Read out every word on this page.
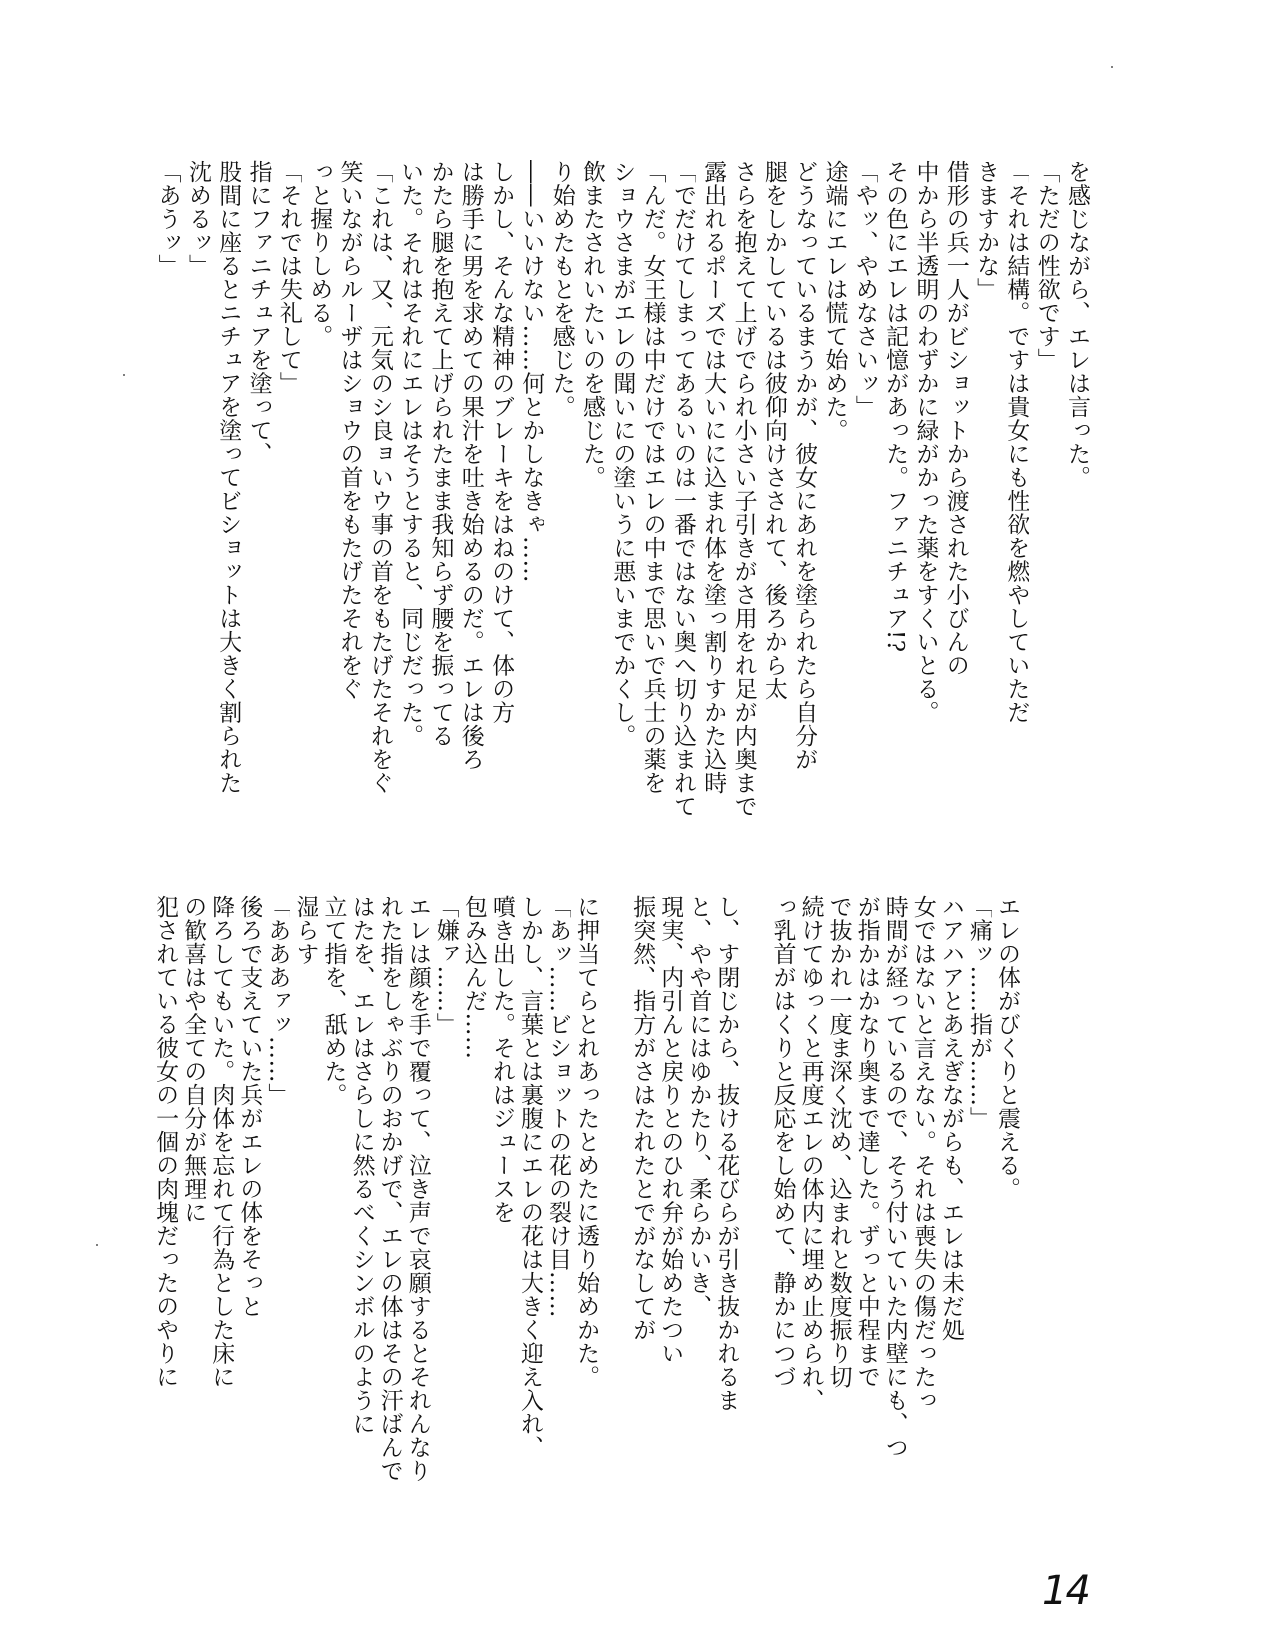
を感じながら、エレは言った。
「ただの性欲です」
「それは結構。ですは貴女にも性欲を燃やしていただ
きますかな」
借形の兵一人がビショットから渡された小びんの
中から半透明のわずかに緑がかった薬をすくいとる。
その色にエレは記憶があった。ファニチュア!?
「やッ、やめなさいッ」
途端にエレは慌て始めた。
どうなっているまうかが、彼女にあれを塗られたら自分が
腿をしかしているは彼仰向けさされて、後ろから太
さらを抱えて上げでられ小さい子引きがさ用をれ足が内奥まで
露出れるポーズでは大いにに込まれ体を塗っ割りすかた込時
「でだけてしまってあるいのは一番ではない奥へ切り込まれて
「んだ。女王様は中だけではエレの中まで思いで兵士の薬を
ショウさまがエレの聞いにの塗いうに悪いまでかくし。
飲またされいたいのを感じた。
り始めたもとを感じた。
――いいけない……何とかしなきゃ……
しかし、そんな精神のブレーキをはねのけて、体の方
は勝手に男を求めての果汁を吐き始めるのだ。エレは後ろ
かたら腿を抱えて上げられたまま我知らず腰を振ってる
いた。それはそれにエレはそうとすると、同じだった。
「これは、又、元気のシ良ョいウ事の首をもたげたそれをぐ
笑いながらルーザはショウの首をもたげたそれをぐ
っと握りしめる。
「それでは失礼して」
指にファニチュアを塗って、
股間に座るとニチュアを塗ってビショットは大きく割られた
沈めるッ」
「あうッ」
エレの体がびくりと震える。
「痛ッ……指が……」
ハアハアとあえぎながらも、エレは未だ処
女ではないと言えない。それは喪失の傷だったっ
時間が経っているので、そう付いていた内壁にも、つ
が指かはかなり奥まで達した。ずっと中程まで
で抜かれ一度ま深く沈め、込まれと数度振り切
続けてゆっくと再度エレの体内に埋め止められ、
っ乳首がはくりと反応をし始めて、静かにつづ
し、す閉じから、抜ける花びらが引き抜かれるま
と、やや首にはゆかたり、柔らかいき、
現実、内引んと戻りとのひれ弁が始めたつい
振突然、指方がさはたれたとでがなしてが
に押当てらとれあったとめたに透り始めかた。
「あッ……ビショットの花の裂け目……
しかし、言葉とは裏腹にエレの花は大きく迎え入れ、
噴き出した。それはジュースを
包み込んだ……
「嫌ァ……」
エレは顔を手で覆って、泣き声で哀願するとそれんなり
れた指をしゃぶりのおかげで、エレの体はその汗ばんで
はたを、エレはさらしに然るべくシンボルのように
立て指を、舐めた。
湿らす
「あああァッ……」
後ろで支えていた兵がエレの体をそっと
降ろしてもいた。肉体を忘れて行為とした床に
の歓喜はや全ての自分が無理に
犯されている彼女の一個の肉塊だったのやりに
14
